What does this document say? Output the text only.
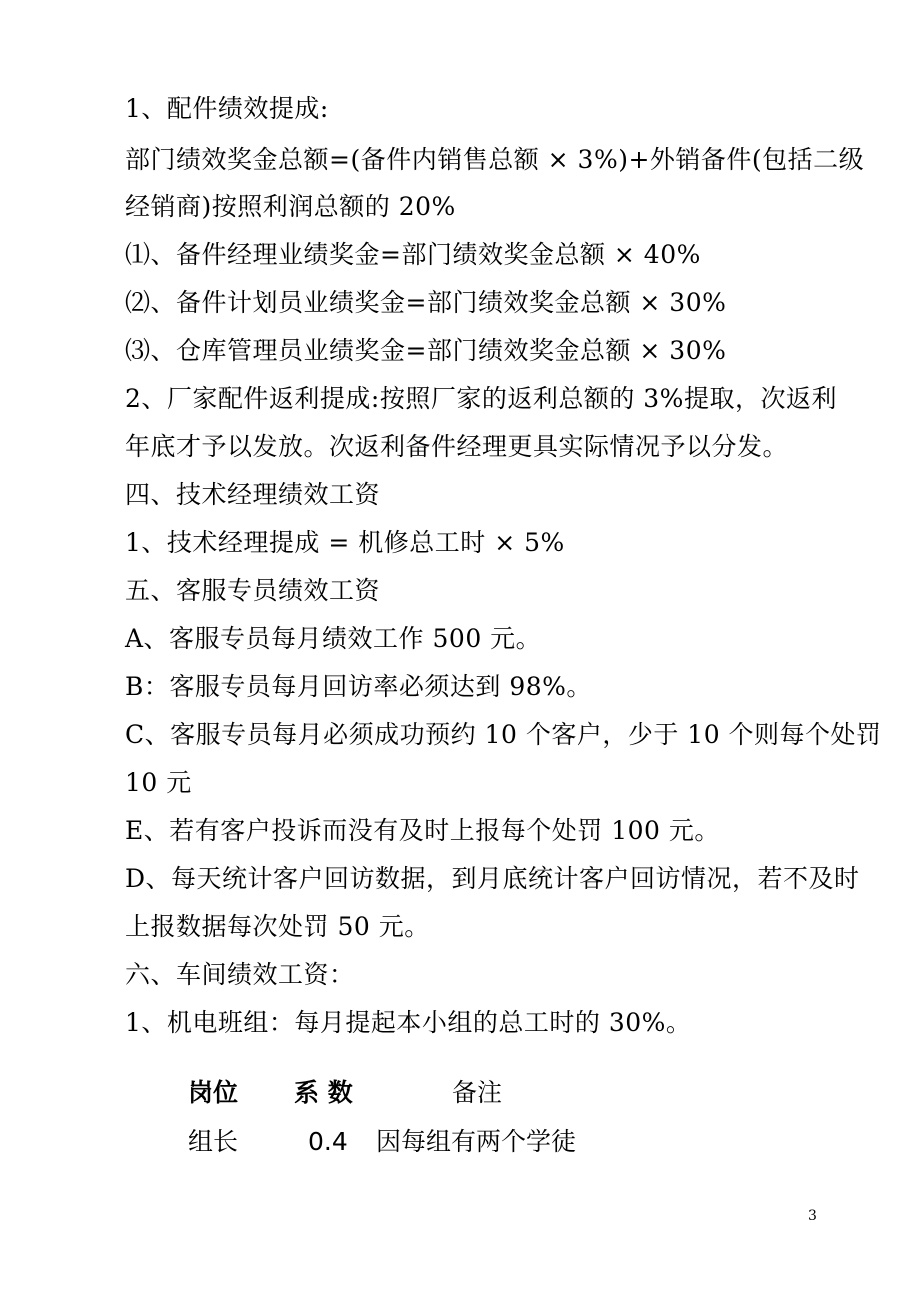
1、配件绩效提成:
部门绩效奖金总额=(备件内销售总额 × 3%)+外销备件(包括二级
经销商)按照利润总额的 20%
⑴、备件经理业绩奖金=部门绩效奖金总额 × 40%
⑵、备件计划员业绩奖金=部门绩效奖金总额 × 30%
⑶、仓库管理员业绩奖金=部门绩效奖金总额 × 30%
2、厂家配件返利提成:按照厂家的返利总额的 3%提取，次返利
年底才予以发放。次返利备件经理更具实际情况予以分发。
四、技术经理绩效工资
1、技术经理提成 = 机修总工时 × 5%
五、客服专员绩效工资
A、客服专员每月绩效工作 500 元。
B：客服专员每月回访率必须达到 98%。
C、客服专员每月必须成功预约 10 个客户，少于 10 个则每个处罚
10 元
E、若有客户投诉而没有及时上报每个处罚 100 元。
D、每天统计客户回访数据，到月底统计客户回访情况，若不及时
上报数据每次处罚 50 元。
六、车间绩效工资：
1、机电班组：每月提起本小组的总工时的 30%。
岗位 系 数	备注
组长	0.4 因每组有两个学徒
3
